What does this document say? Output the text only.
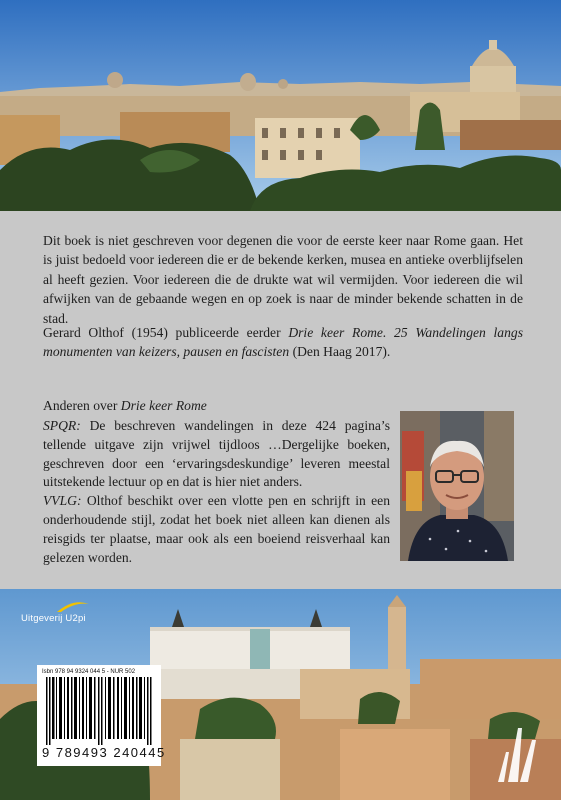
Dit boek is niet geschreven voor degenen die voor de eerste keer naar Rome gaan. Het is juist bedoeld voor iedereen die er de bekende kerken, musea en antieke overblijfselen al heeft gezien. Voor iedereen die de drukte wat wil vermijden. Voor iedereen die wil afwijken van de gebaande wegen en op zoek is naar de minder bekende schatten in de stad.

Gerard Olthof (1954) publiceerde eerder Drie keer Rome. 25 Wandelingen langs monumenten van keizers, pausen en fascisten (Den Haag 2017).

Anderen over Drie keer Rome

SPQR: De beschreven wandelingen in deze 424 pagina’s tellende uitgave zijn vrijwel tijdloos …Dergelijke boeken, geschreven door een ‘ervaringsdeskundige’ leveren meestal uitstekende lectuur op en dat is hier niet anders.
VVLG: Olthof beschikt over een vlotte pen en schrijft in een onderhoudende stijl, zodat het boek niet alleen kan dienen als reisgids ter plaatse, maar ook als een boeiend reisverhaal kan gelezen worden.

Uitgeverij U2pi
Isbn 978 94 9324 044 5 - NUR 502
9 789493 240445
